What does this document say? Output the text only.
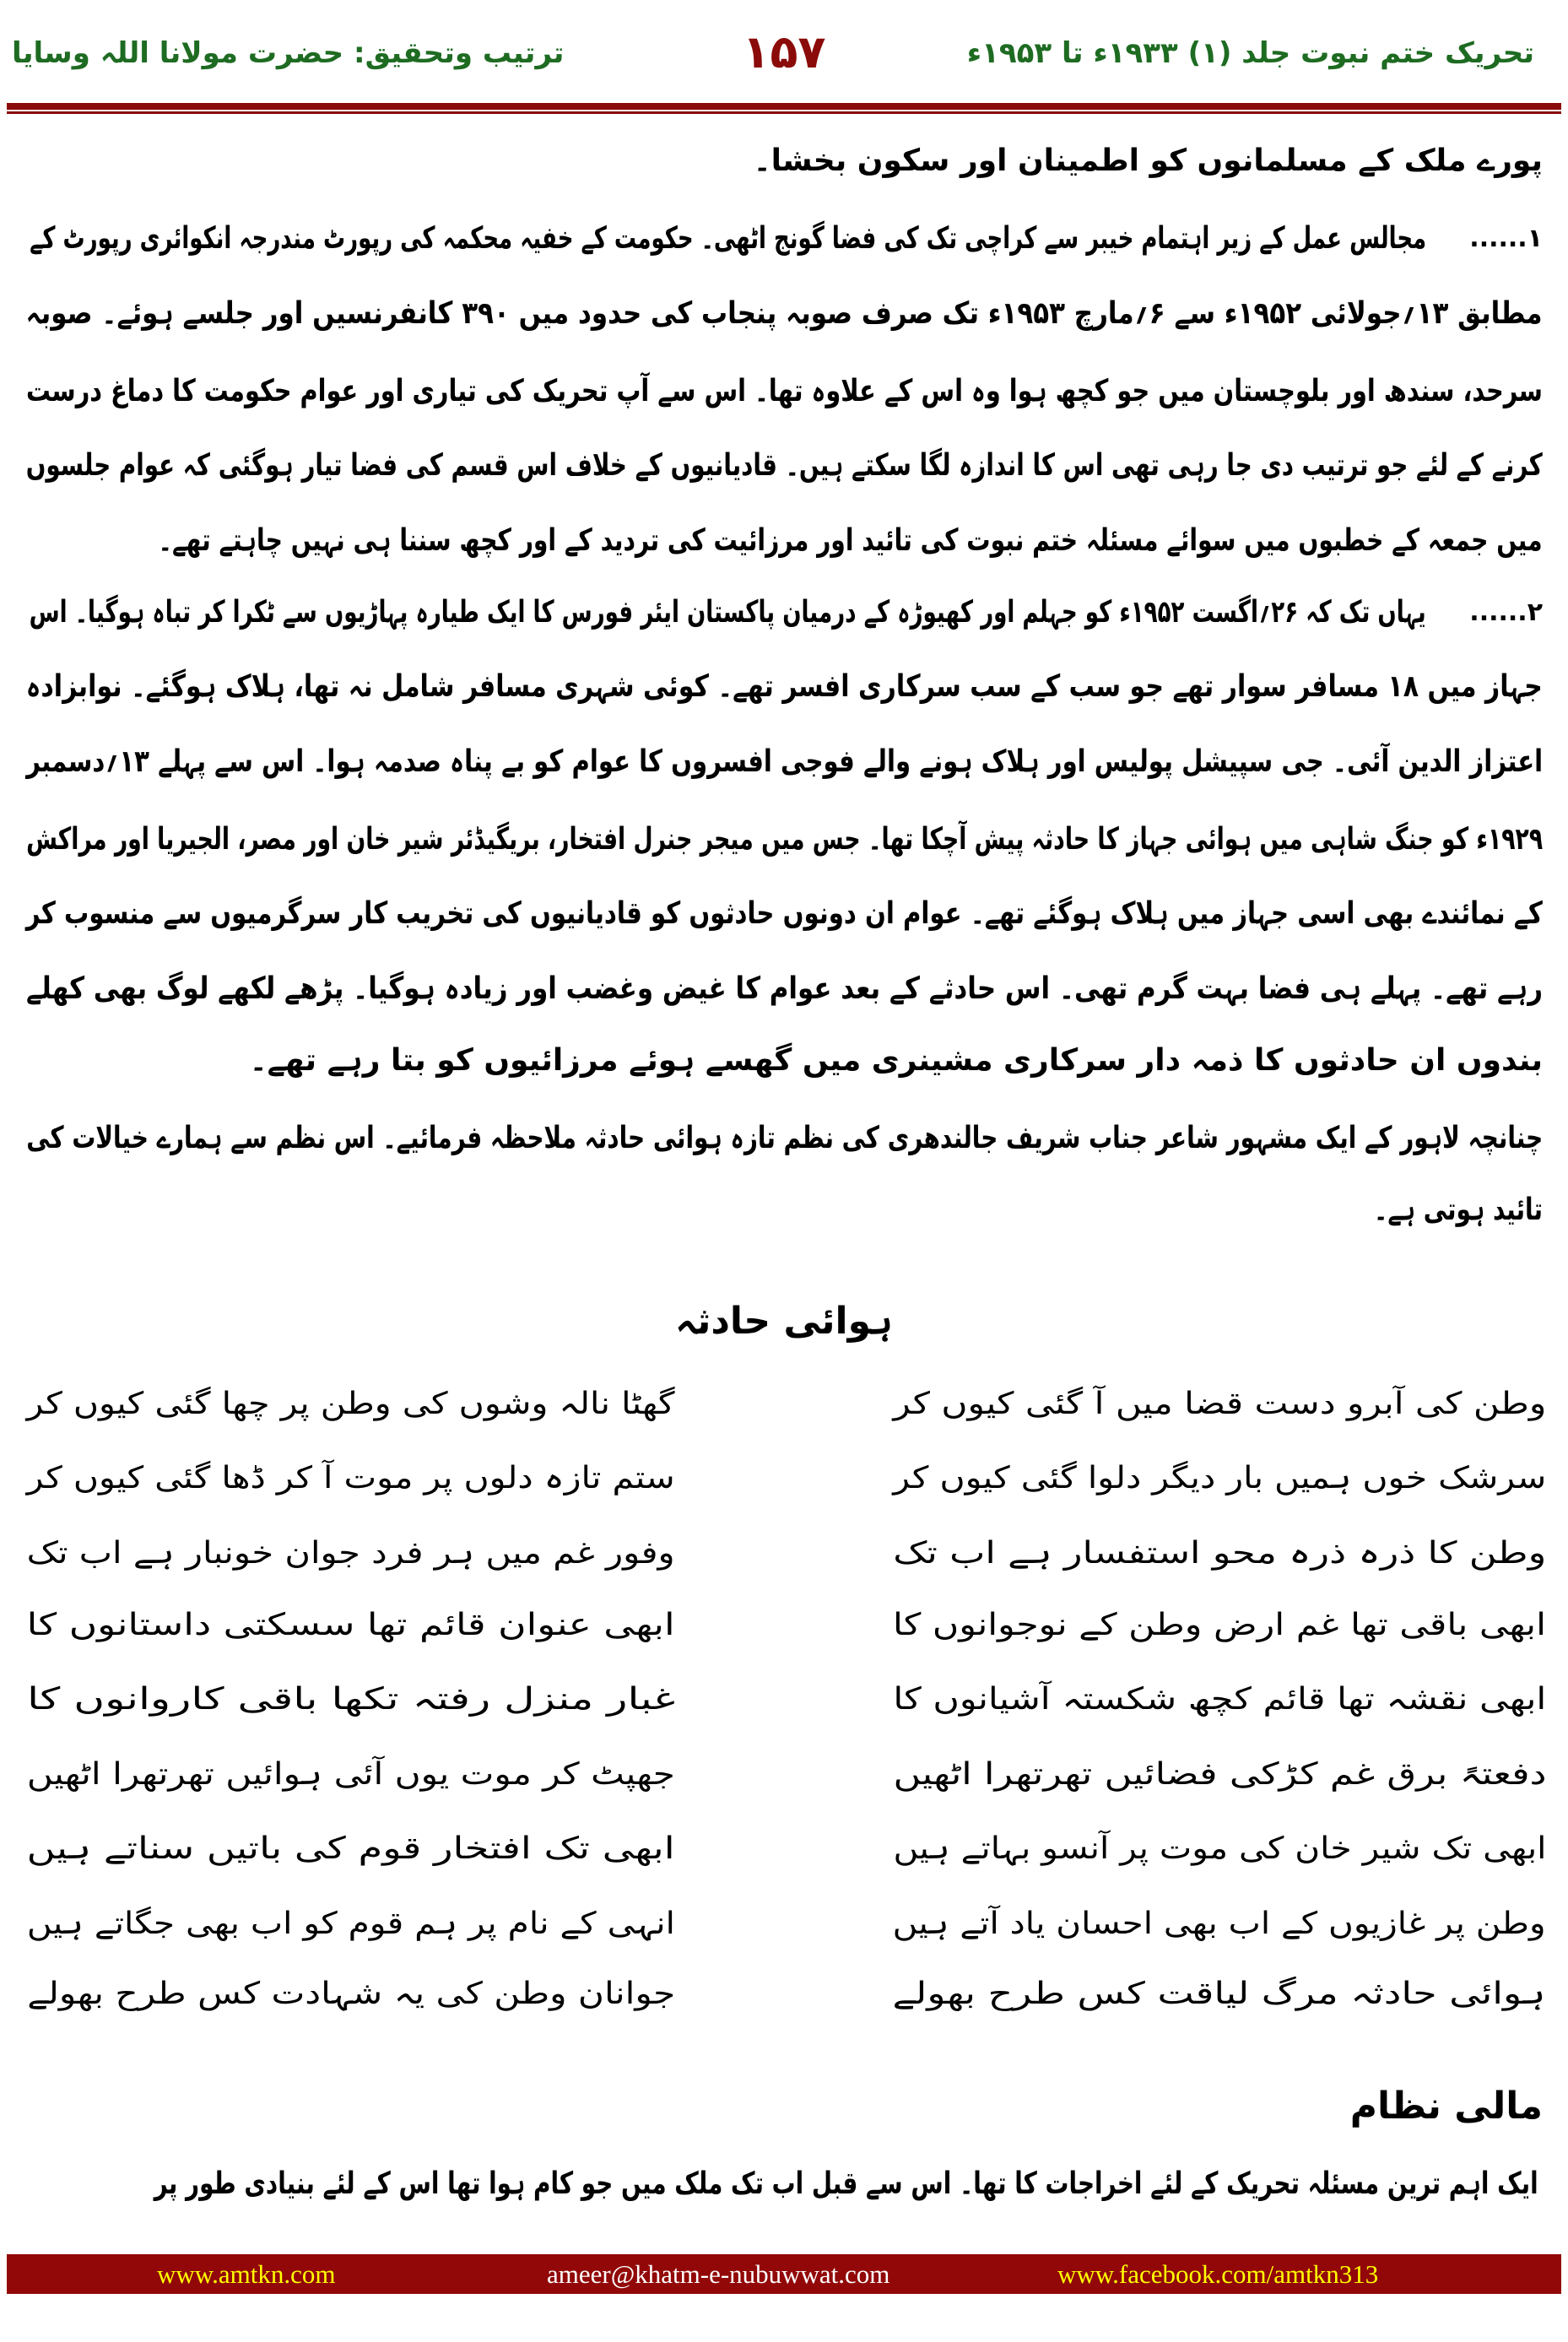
تحریک ختم نبوت جلد (۱) ۱۹۳۳ء تا ۱۹۵۳ء
۱۵۷
ترتیب وتحقیق: حضرت مولانا اللہ وسایا
پورے ملک کے مسلمانوں کو اطمینان اور سکون بخشا۔
مجالس عمل کے زیر اہتمام خیبر سے کراچی تک کی فضا گونج اٹھی۔ حکومت کے خفیہ محکمہ کی رپورٹ مندرجہ انکوائری رپورٹ کے
مطابق ۱۳؍جولائی ۱۹۵۲ء سے ۶؍مارچ ۱۹۵۳ء تک صرف صوبہ پنجاب کی حدود میں ۳۹۰ کانفرنسیں اور جلسے ہوئے۔ صوبہ
سرحد، سندھ اور بلوچستان میں جو کچھ ہوا وہ اس کے علاوہ تھا۔ اس سے آپ تحریک کی تیاری اور عوام حکومت کا دماغ درست
کرنے کے لئے جو ترتیب دی جا رہی تھی اس کا اندازہ لگا سکتے ہیں۔ قادیانیوں کے خلاف اس قسم کی فضا تیار ہوگئی کہ عوام جلسوں
میں جمعہ کے خطبوں میں سوائے مسئلہ ختم نبوت کی تائید اور مرزائیت کی تردید کے اور کچھ سننا ہی نہیں چاہتے تھے۔
یہاں تک کہ ۲۶؍اگست ۱۹۵۲ء کو جہلم اور کھیوڑہ کے درمیان پاکستان ایئر فورس کا ایک طیارہ پہاڑیوں سے ٹکرا کر تباہ ہوگیا۔ اس
جہاز میں ۱۸ مسافر سوار تھے جو سب کے سب سرکاری افسر تھے۔ کوئی شہری مسافر شامل نہ تھا، ہلاک ہوگئے۔ نوابزادہ
اعتزاز الدین آئی۔ جی سپیشل پولیس اور ہلاک ہونے والے فوجی افسروں کا عوام کو بے پناہ صدمہ ہوا۔ اس سے پہلے ۱۳؍دسمبر
۱۹۲۹ء کو جنگ شاہی میں ہوائی جہاز کا حادثہ پیش آچکا تھا۔ جس میں میجر جنرل افتخار، بریگیڈئر شیر خان اور مصر، الجیریا اور مراکش
کے نمائندے بھی اسی جہاز میں ہلاک ہوگئے تھے۔ عوام ان دونوں حادثوں کو قادیانیوں کی تخریب کار سرگرمیوں سے منسوب کر
رہے تھے۔ پہلے ہی فضا بہت گرم تھی۔ اس حادثے کے بعد عوام کا غیض وغضب اور زیادہ ہوگیا۔ پڑھے لکھے لوگ بھی کھلے
بندوں ان حادثوں کا ذمہ دار سرکاری مشینری میں گھسے ہوئے مرزائیوں کو بتا رہے تھے۔
چنانچہ لاہور کے ایک مشہور شاعر جناب شریف جالندھری کی نظم تازہ ہوائی حادثہ ملاحظہ فرمائیے۔ اس نظم سے ہمارے خیالات کی
تائید ہوتی ہے۔
۱......
۲......
ہوائی حادثہ
وطن کی آبرو دست قضا میں آ گئی کیوں کر
سرشک خوں ہمیں بار دیگر دلوا گئی کیوں کر
وطن کا ذرہ ذرہ محو استفسار ہے اب تک
ابھی باقی تھا غم ارض وطن کے نوجوانوں کا
ابھی نقشہ تھا قائم کچھ شکستہ آشیانوں کا
دفعتہً برق غم کڑکی فضائیں تھرتھرا اٹھیں
ابھی تک شیر خان کی موت پر آنسو بہاتے ہیں
وطن پر غازیوں کے اب بھی احسان یاد آتے ہیں
ہوائی حادثہ مرگ لیاقت کس طرح بھولے
گھٹا نالہ وشوں کی وطن پر چھا گئی کیوں کر
ستم تازہ دلوں پر موت آ کر ڈھا گئی کیوں کر
وفور غم میں ہر فرد جوان خونبار ہے اب تک
ابھی عنوان قائم تھا سسکتی داستانوں کا
غبار منزل رفتہ تکھا باقی کاروانوں کا
جھپٹ کر موت یوں آئی ہوائیں تھرتھرا اٹھیں
ابھی تک افتخار قوم کی باتیں سناتے ہیں
انہی کے نام پر ہم قوم کو اب بھی جگاتے ہیں
جوانان وطن کی یہ شہادت کس طرح بھولے
مالی نظام
ایک اہم ترین مسئلہ تحریک کے لئے اخراجات کا تھا۔ اس سے قبل اب تک ملک میں جو کام ہوا تھا اس کے لئے بنیادی طور پر
www.amtkn.com	ameer@khatm-e-nubuwwat.com	www.facebook.com/amtkn313
